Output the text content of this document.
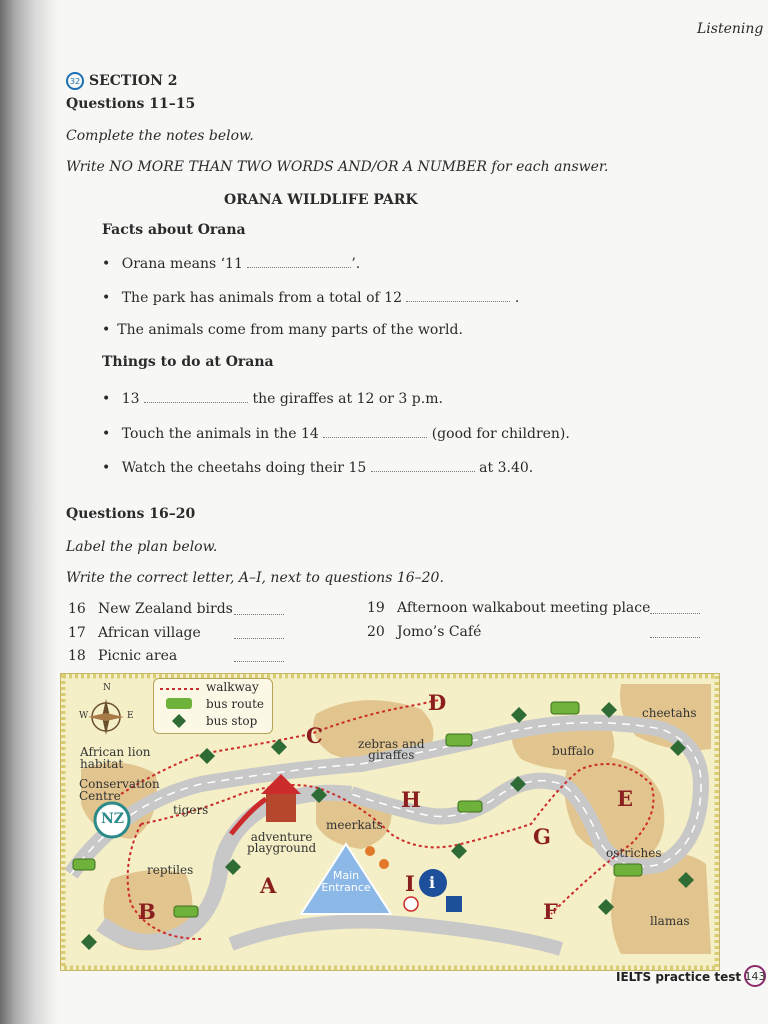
Listening
32 SECTION 2
Questions 11–15
Complete the notes below.
Write NO MORE THAN TWO WORDS AND/OR A NUMBER for each answer.
ORANA WILDLIFE PARK
Facts about Orana
• Orana means ‘11	’.
• The park has animals from a total of 12	.
• The animals come from many parts of the world.
Things to do at Orana
• 13	the giraffes at 12 or 3 p.m.
• Touch the animals in the 14	(good for children).
• Watch the cheetahs doing their 15	at 3.40.
Questions 16–20
Label the plan below.
Write the correct letter, A–I, next to questions 16–20.
16 New Zealand birds
17 African village
18 Picnic area
19 Afternoon walkabout meeting place
20 Jomo’s Café
walkway
bus route
bus stop
N
W	E
African lion
habitat
Conservation
Centre
NZ
tigers
reptiles
adventure
playground
meerkats
zebras and
giraffes	buffalo
cheetahs
ostriches
llamas
Main
Entrance	i
A
B
C
D
E
F
G
H
I
IELTS practice test 143
